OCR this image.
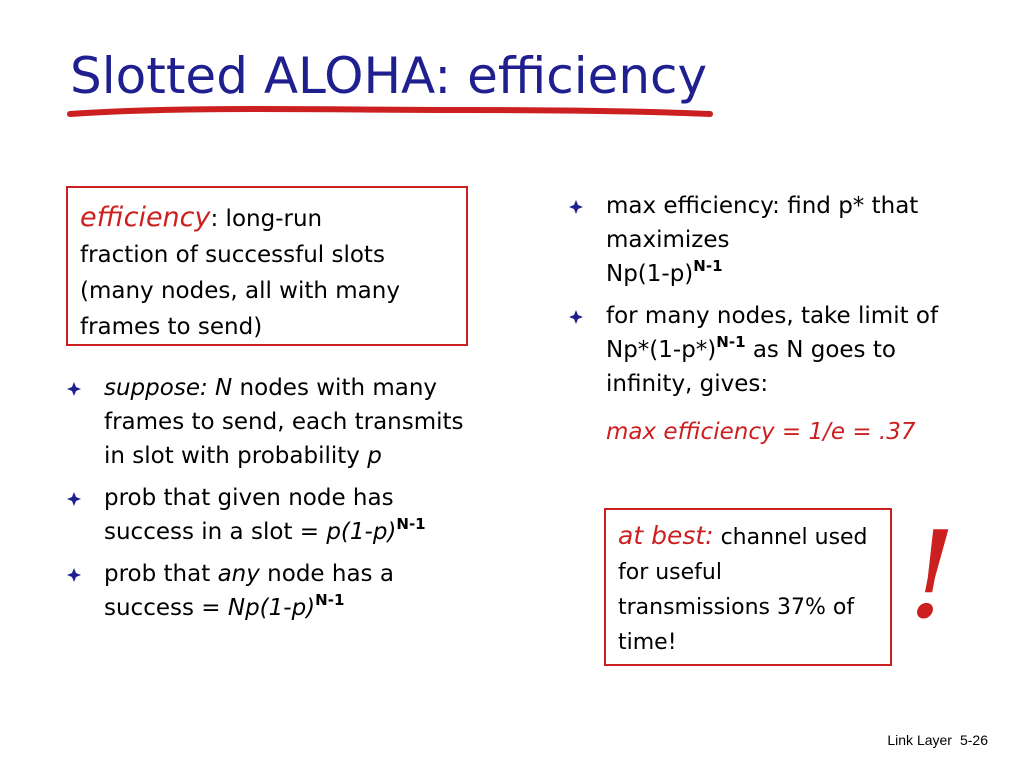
Slotted ALOHA: efficiency
efficiency: long-run
fraction of successful slots
(many nodes, all with many
frames to send)
suppose: N nodes with many frames to send, each transmits in slot with probability p
prob that given node has success in a slot = $p(1-p)^{N-1}$
prob that any node has a success = $Np(1-p)^{N-1}$
max efficiency: find p* that maximizes
$Np(1-p)^{N-1}$
for many nodes, take limit of $Np*(1-p*)^{N-1}$ as N goes to infinity, gives:
max efficiency = 1/e = .37
at best: channel used for useful transmissions 37% of time!	!
Link Layer 5-26
